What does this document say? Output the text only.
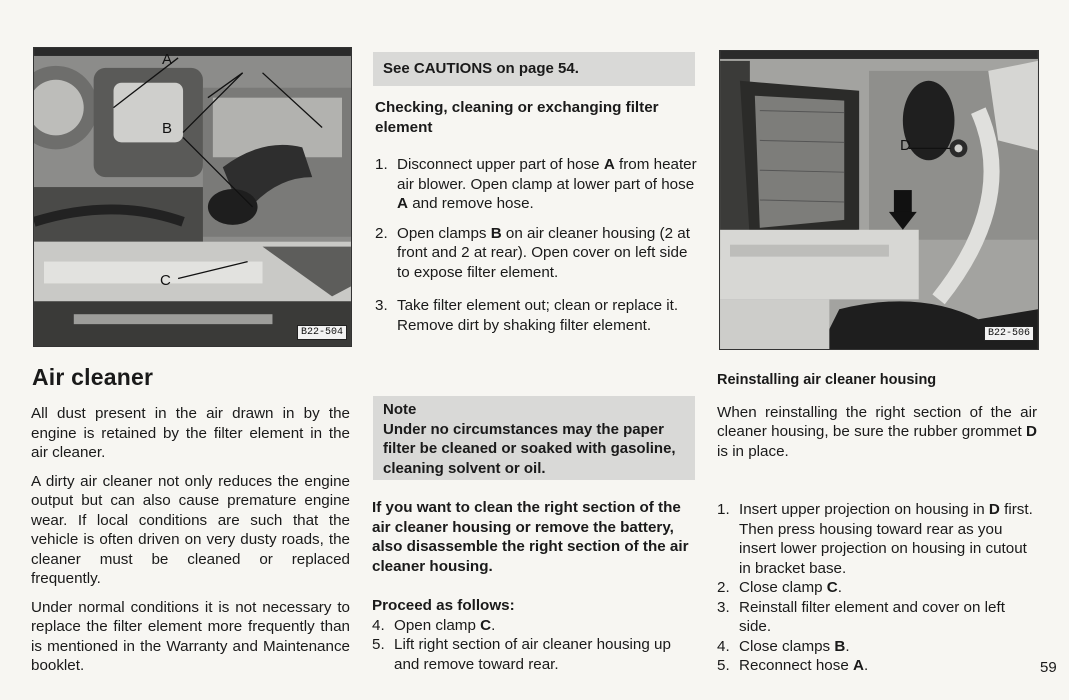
A
B
C
B22-504
D
B22-506
Air cleaner

All dust present in the air drawn in by the engine is retained by the filter element in the air cleaner.

A dirty air cleaner not only reduces the engine output but can also cause premature engine wear. If local conditions are such that the vehicle is often driven on very dusty roads, the cleaner must be cleaned or replaced frequently.

Under normal conditions it is not necessary to replace the filter element more frequently than is mentioned in the Warranty and Maintenance booklet.

See CAUTIONS on page 54.

Checking, cleaning or exchanging filter element

1. Disconnect upper part of hose A from heater air blower. Open clamp at lower part of hose A and remove hose.
2. Open clamps B on air cleaner housing (2 at front and 2 at rear). Open cover on left side to expose filter element.
3. Take filter element out; clean or replace it. Remove dirt by shaking filter element.

Note

Under no circumstances may the paper filter be cleaned or soaked with gasoline, cleaning solvent or oil.

If you want to clean the right section of the air cleaner housing or remove the battery, also disassemble the right section of the air cleaner housing.

Proceed as follows:

4. Open clamp C.
5. Lift right section of air cleaner housing up and remove toward rear.

Reinstalling air cleaner housing

When reinstalling the right section of the air cleaner housing, be sure the rubber grommet D is in place.

1. Insert upper projection on housing in D first. Then press housing toward rear as you insert lower projection on housing in cutout in bracket base.
2. Close clamp C.
3. Reinstall filter element and cover on left side.
4. Close clamps B.
5. Reconnect hose A.	59
